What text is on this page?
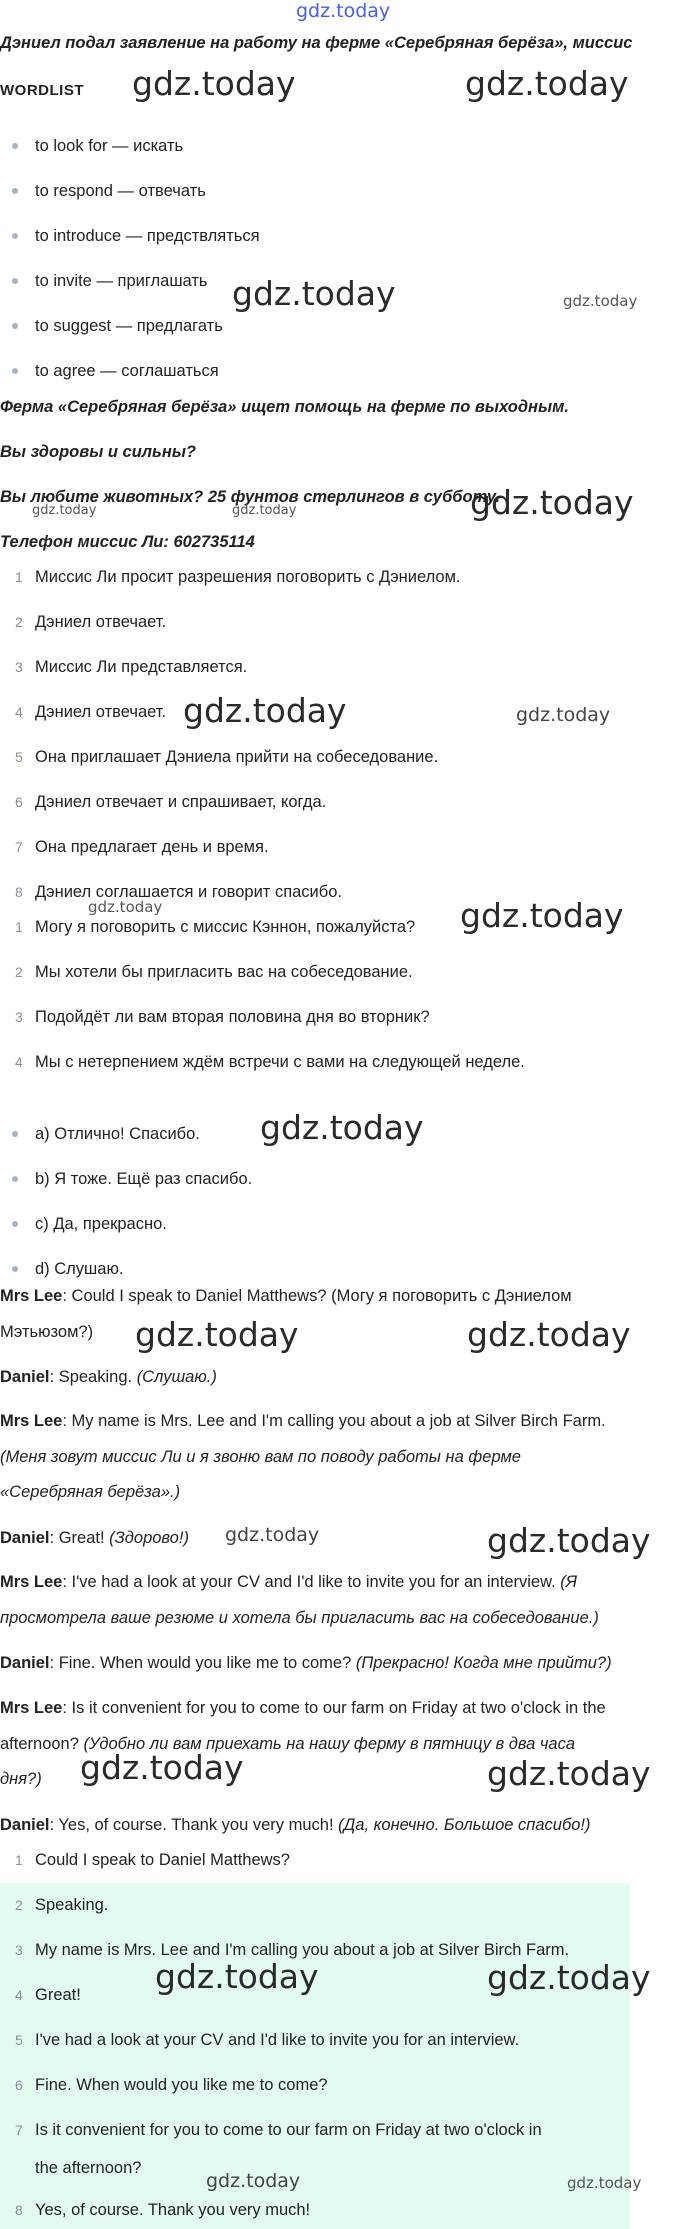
gdz.today
Дэниел подал заявление на работу на ферме «Серебряная берёза», миссис
WORDLIST gdz.today	gdz.today
to look for — искать
to respond — отвечать
to introduce — предствляться
to invite — приглашать
to suggest — предлагать
to agree — соглашаться
gdz.today	gdz.today
Ферма «Серебряная берёза» ищет помощь на ферме по выходным.
Вы здоровы и сильны?
Вы любите животных? 25 фунтов стерлингов в субботу.
gdz.today
gdz.today	gdz.today
Телефон миссис Ли: 602735114
1 Миссис Ли просит разрешения поговорить с Дэниелом.
2 Дэниел отвечает.
3 Миссис Ли представляется.
4 Дэниел отвечает.
5 Она приглашает Дэниела прийти на собеседование.
6 Дэниел отвечает и спрашивает, когда.
7 Она предлагает день и время.
8 Дэниел соглашается и говорит спасибо.
gdz.today	gdz.today
gdz.today
1 Могу я поговорить с миссис Кэннон, пожалуйста?
2 Мы хотели бы пригласить вас на собеседование.
3 Подойдёт ли вам вторая половина дня во вторник?
4 Мы с нетерпением ждём встречи с вами на следующей неделе.
gdz.today
a) Отлично! Спасибо.
b) Я тоже. Ещё раз спасибо.
c) Да, прекрасно.
d) Слушаю.
gdz.today
Mrs Lee: Could I speak to Daniel Matthews? (Могу я поговорить с Дэниелом
Мэтьюзом?)
Daniel: Speaking. (Слушаю.)
Mrs Lee: My name is Mrs. Lee and I'm calling you about a job at Silver Birch Farm.
(Меня зовут миссис Ли и я звоню вам по поводу работы на ферме
«Серебряная берёза».)
Daniel: Great! (Здорово!)
Mrs Lee: I've had a look at your CV and I'd like to invite you for an interview. (Я
просмотрела ваше резюме и хотела бы пригласить вас на собеседование.)
Daniel: Fine. When would you like me to come? (Прекрасно! Когда мне прийти?)
Mrs Lee: Is it convenient for you to come to our farm on Friday at two o'clock in the
afternoon? (Удобно ли вам приехать на нашу ферму в пятницу в два часа
дня?)
Daniel: Yes, of course. Thank you very much! (Да, конечно. Большое спасибо!)
gdz.today	gdz.today
gdz.today	gdz.today
gdz.today	gdz.today
1 Could I speak to Daniel Matthews?
2 Speaking.
3 My name is Mrs. Lee and I'm calling you about a job at Silver Birch Farm.
4 Great!
5 I've had a look at your CV and I'd like to invite you for an interview.
6 Fine. When would you like me to come?
7 Is it convenient for you to come to our farm on Friday at two o'clock in
the afternoon?
8 Yes, of course. Thank you very much!
gdz.today	gdz.today
gdz.today	gdz.today
